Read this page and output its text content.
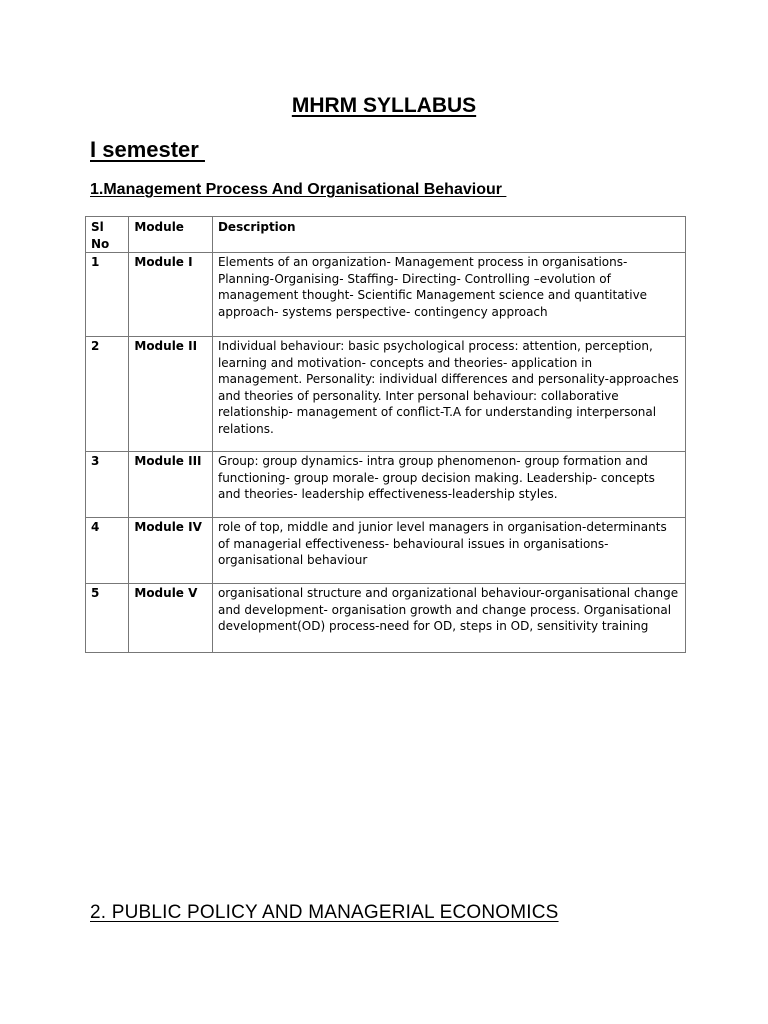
MHRM SYLLABUS
I semester
1.Management Process And Organisational Behaviour
Sl No	Module	Description
1	Module I	Elements of an organization- Management process in organisations- Planning-Organising- Staffing- Directing- Controlling –evolution of management thought- Scientific Management science and quantitative approach- systems perspective- contingency approach
2	Module II	Individual behaviour: basic psychological process: attention, perception, learning and motivation- concepts and theories- application in management. Personality: individual differences and personality-approaches and theories of personality. Inter personal behaviour: collaborative relationship- management of conflict-T.A for understanding interpersonal relations.
3	Module III	Group: group dynamics- intra group phenomenon- group formation and functioning- group morale- group decision making. Leadership- concepts and theories- leadership effectiveness-leadership styles.
4	Module IV	role of top, middle and junior level managers in organisation-determinants of managerial effectiveness- behavioural issues in organisations- organisational behaviour
5	Module V	organisational structure and organizational behaviour-organisational change and development- organisation growth and change process. Organisational development(OD) process-need for OD, steps in OD, sensitivity training
2. PUBLIC POLICY AND MANAGERIAL ECONOMICS
